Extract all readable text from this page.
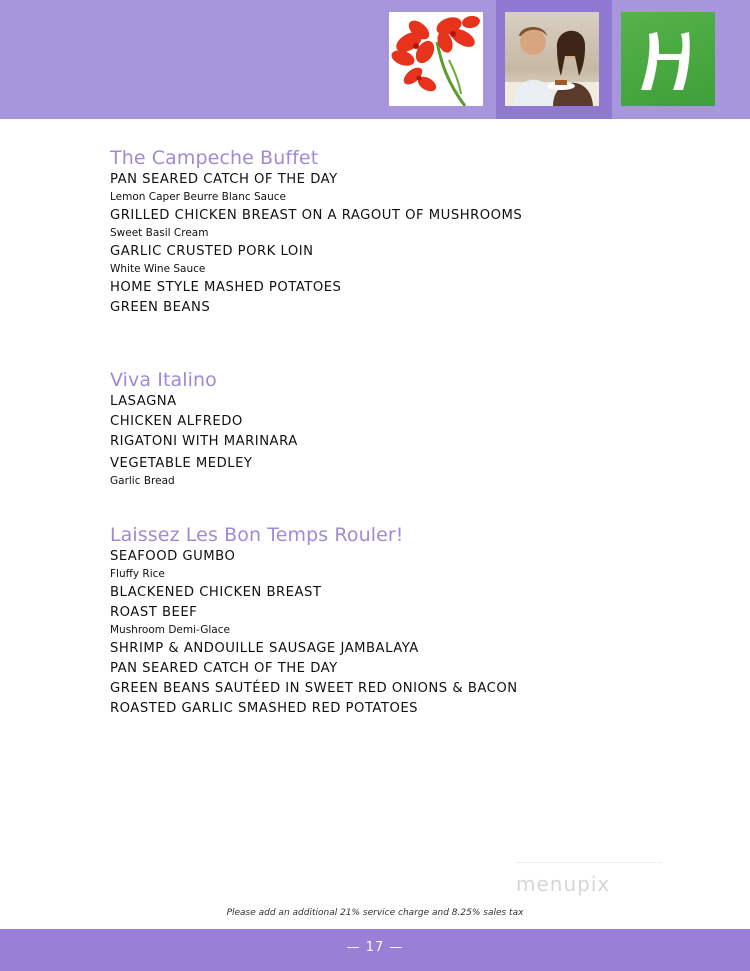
The Campeche Buffet
PAN SEARED CATCH OF THE DAY
Lemon Caper Beurre Blanc Sauce
GRILLED CHICKEN BREAST ON A RAGOUT OF MUSHROOMS
Sweet Basil Cream
GARLIC CRUSTED PORK LOIN
White Wine Sauce
HOME STYLE MASHED POTATOES
GREEN BEANS
Viva Italino
LASAGNA
CHICKEN ALFREDO
RIGATONI WITH MARINARA
VEGETABLE MEDLEY
Garlic Bread
Laissez Les Bon Temps Rouler!
SEAFOOD GUMBO
Fluffy Rice
BLACKENED CHICKEN BREAST
ROAST BEEF
Mushroom Demi-Glace
SHRIMP & ANDOUILLE SAUSAGE JAMBALAYA
PAN SEARED CATCH OF THE DAY
GREEN BEANS SAUTÉED IN SWEET RED ONIONS & BACON
ROASTED GARLIC SMASHED RED POTATOES
menupix
Please add an additional 21% service charge and 8.25% sales tax
— 17 —
